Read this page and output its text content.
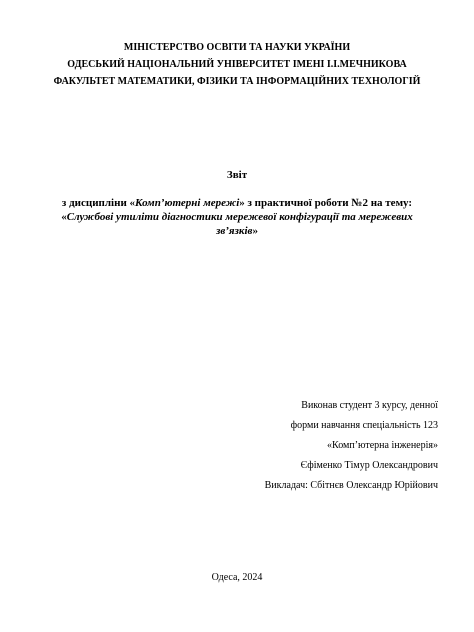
МІНІСТЕРСТВО ОСВІТИ ТА НАУКИ УКРАЇНИ
ОДЕСЬКИЙ НАЦІОНАЛЬНИЙ УНІВЕРСИТЕТ ІМЕНІ І.І.МЕЧНИКОВА
ФАКУЛЬТЕТ МАТЕМАТИКИ, ФІЗИКИ ТА ІНФОРМАЦІЙНИХ ТЕХНОЛОГІЙ
Звіт
з дисципліни «Комп’ютерні мережі» з практичної роботи №2 на тему: «Службові утиліти діагностики мережевої конфігурації та мережевих зв’язків»
Виконав студент 3 курсу, денної
форми навчання спеціальність 123
«Комп’ютерна інженерія»
Єфіменко Тімур Олександрович
Викладач: Сбітнєв Олександр Юрійович
Одеса, 2024
